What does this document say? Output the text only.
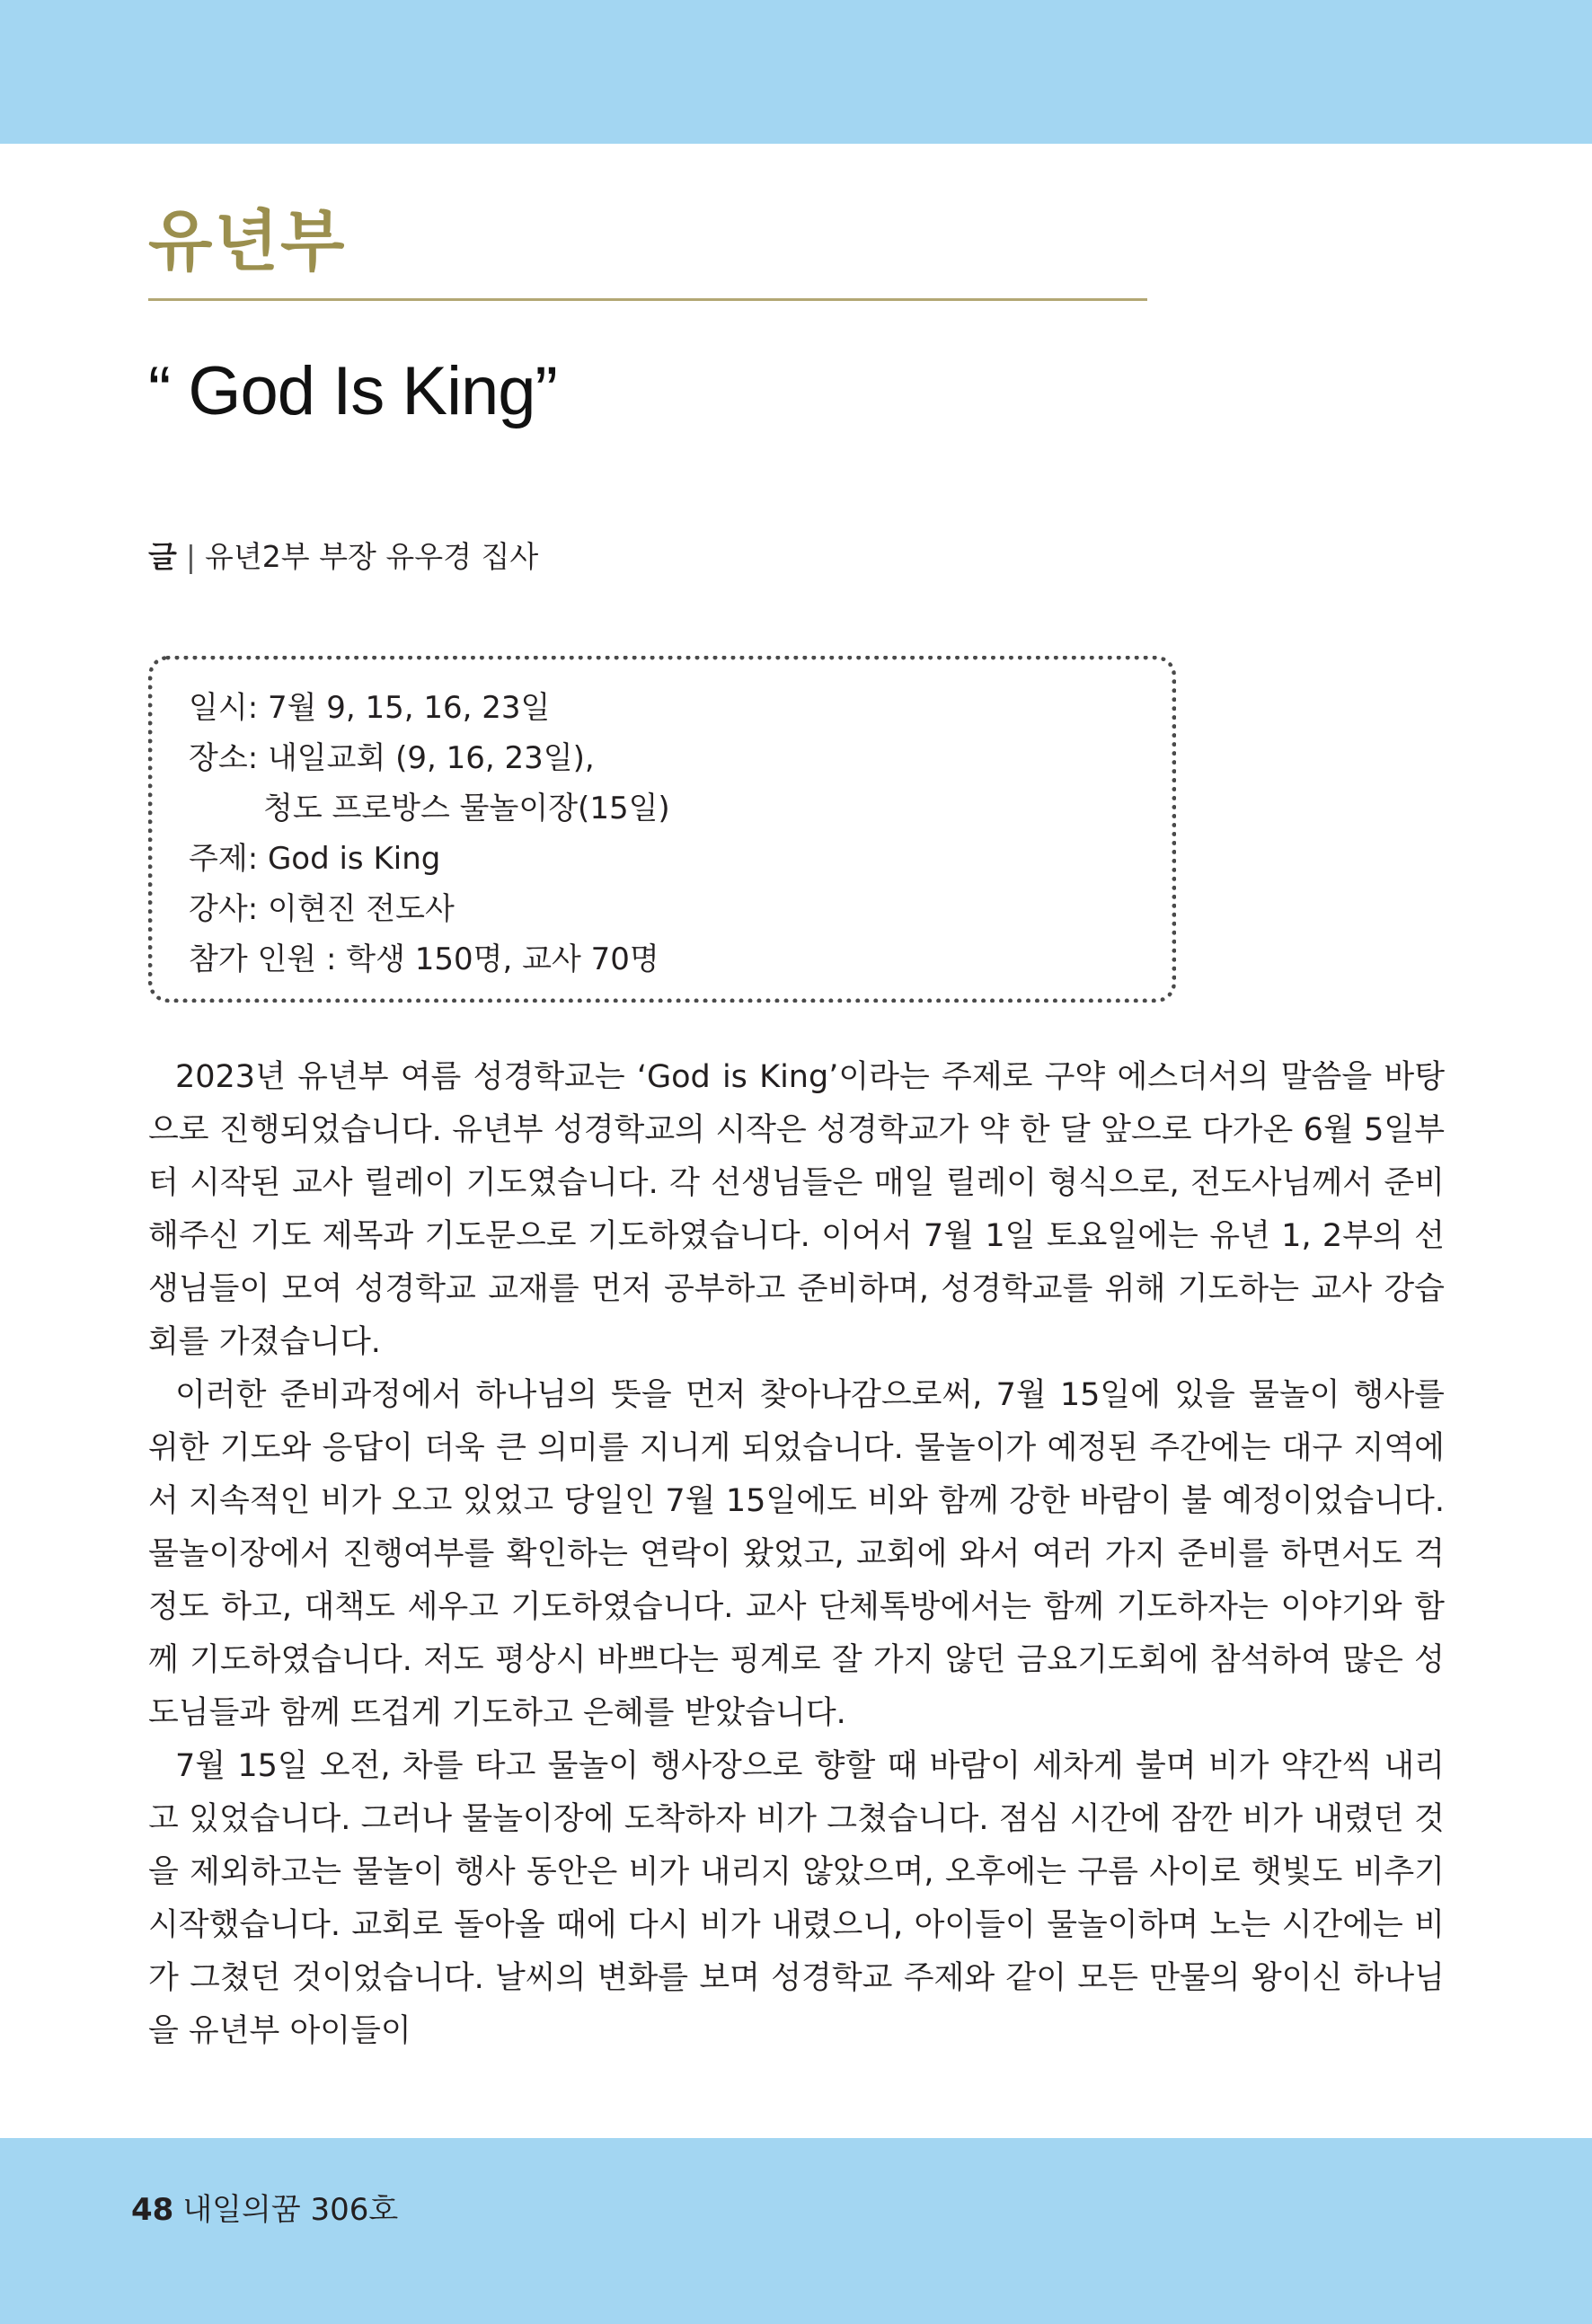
유년부
“ God Is King”
글 | 유년2부 부장 유우경 집사
일시: 7월 9, 15, 16, 23일
장소: 내일교회 (9, 16, 23일),
청도 프로방스 물놀이장(15일)
주제: God is King
강사: 이현진 전도사
참가 인원 : 학생 150명, 교사 70명

2023년 유년부 여름 성경학교는 ‘God is King’이라는 주제로 구약 에스더서의 말씀을 바탕으로 진행되었습니다. 유년부 성경학교의 시작은 성경학교가 약 한 달 앞으로 다가온 6월 5일부터 시작된 교사 릴레이 기도였습니다. 각 선생님들은 매일 릴레이 형식으로, 전도사님께서 준비해주신 기도 제목과 기도문으로 기도하였습니다. 이어서 7월 1일 토요일에는 유년 1, 2부의 선생님들이 모여 성경학교 교재를 먼저 공부하고 준비하며, 성경학교를 위해 기도하는 교사 강습회를 가졌습니다.

이러한 준비과정에서 하나님의 뜻을 먼저 찾아나감으로써, 7월 15일에 있을 물놀이 행사를 위한 기도와 응답이 더욱 큰 의미를 지니게 되었습니다. 물놀이가 예정된 주간에는 대구 지역에서 지속적인 비가 오고 있었고 당일인 7월 15일에도 비와 함께 강한 바람이 불 예정이었습니다. 물놀이장에서 진행여부를 확인하는 연락이 왔었고, 교회에 와서 여러 가지 준비를 하면서도 걱정도 하고, 대책도 세우고 기도하였습니다. 교사 단체톡방에서는 함께 기도하자는 이야기와 함께 기도하였습니다. 저도 평상시 바쁘다는 핑계로 잘 가지 않던 금요기도회에 참석하여 많은 성도님들과 함께 뜨겁게 기도하고 은혜를 받았습니다.

7월 15일 오전, 차를 타고 물놀이 행사장으로 향할 때 바람이 세차게 불며 비가 약간씩 내리고 있었습니다. 그러나 물놀이장에 도착하자 비가 그쳤습니다. 점심 시간에 잠깐 비가 내렸던 것을 제외하고는 물놀이 행사 동안은 비가 내리지 않았으며, 오후에는 구름 사이로 햇빛도 비추기 시작했습니다. 교회로 돌아올 때에 다시 비가 내렸으니, 아이들이 물놀이하며 노는 시간에는 비가 그쳤던 것이었습니다. 날씨의 변화를 보며 성경학교 주제와 같이 모든 만물의 왕이신 하나님을 유년부 아이들이

48 내일의꿈 306호
